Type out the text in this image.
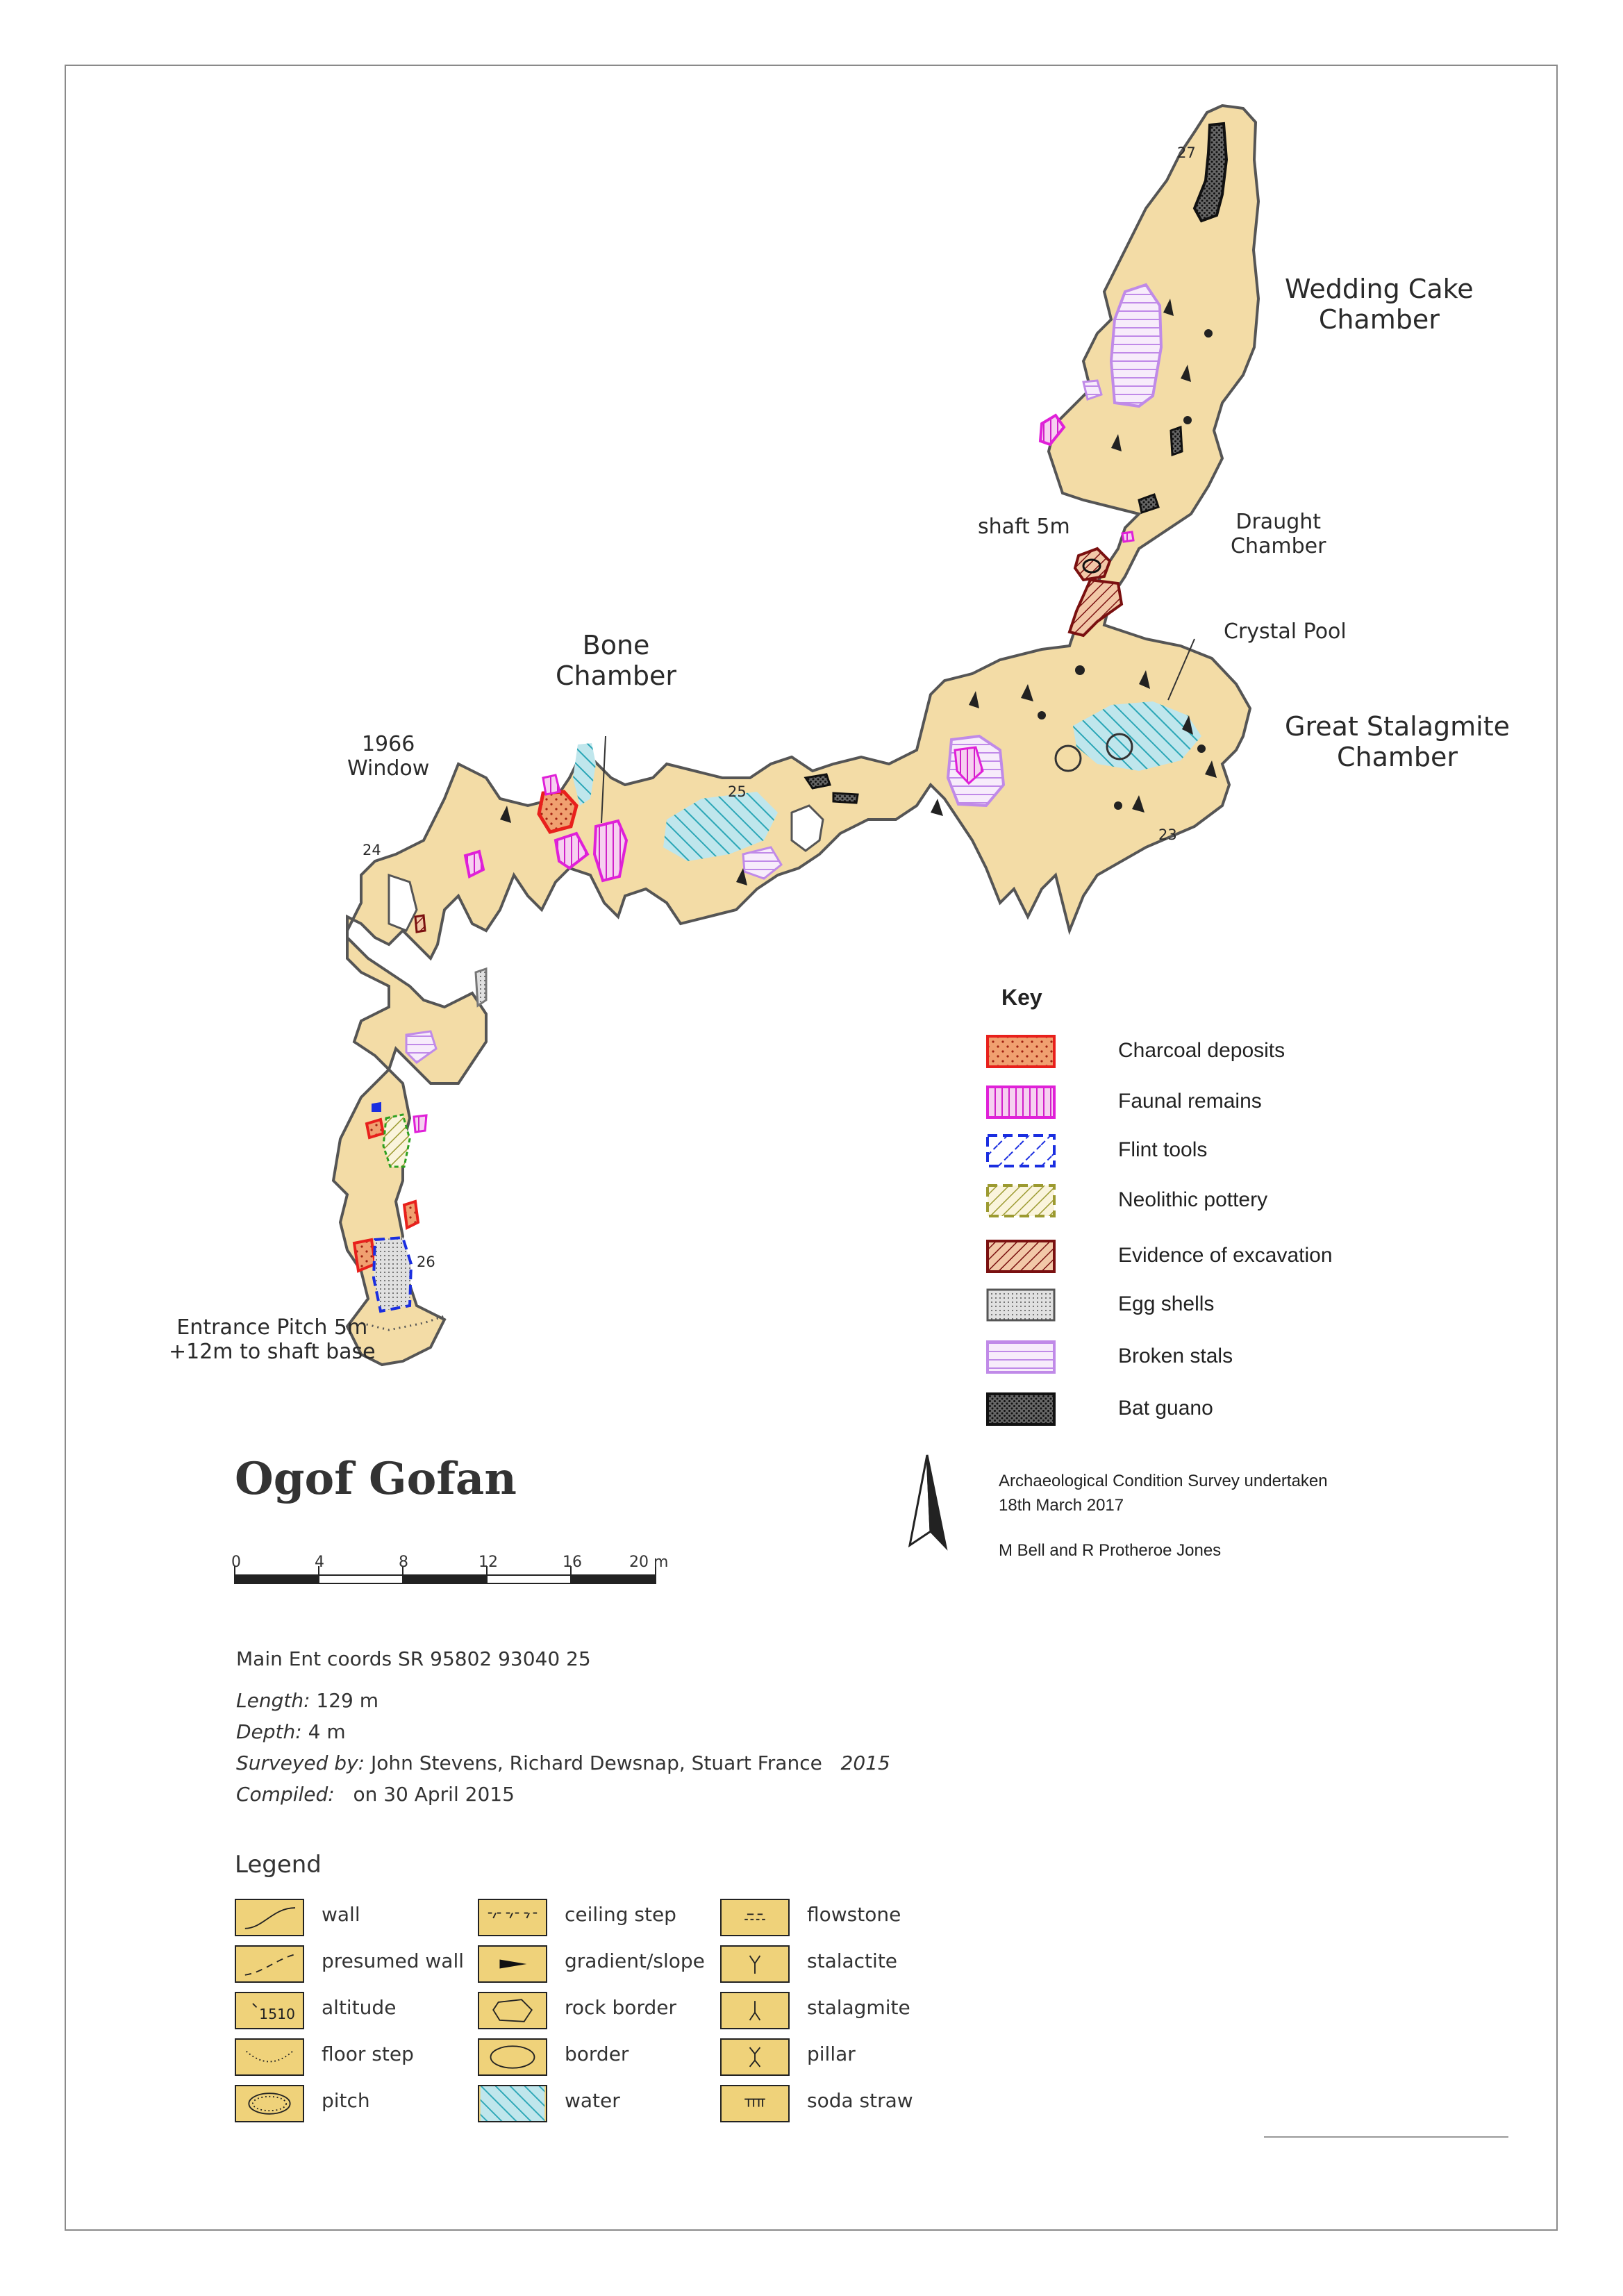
Wedding Cake
Chamber
Bone
Chamber
Great Stalagmite
Chamber
Draught
Chamber
Crystal Pool
shaft 5m
1966
Window
Entrance Pitch 5m
+12m to shaft base
27
25
24
23
26
Key
Charcoal deposits
Faunal remains
Flint tools
Neolithic pottery
Evidence of excavation
Egg shells
Broken stals
Bat guano
Ogof Gofan	Archaeological Condition Survey undertaken
18th March 2017
M Bell and R Protheroe Jones
0	4	8	12	16	20 m
Main Ent coords SR 95802 93040 25
Length: 129 m
Depth: 4 m
Surveyed by: John Stevens, Richard Dewsnap, Stuart France 2015
Compiled: on 30 April 2015
Legend
wall
presumed wall
1510 altitude
floor step
pitch
ceiling step
gradient/slope
rock border
border
water
flowstone
stalactite
stalagmite
pillar
soda straw
